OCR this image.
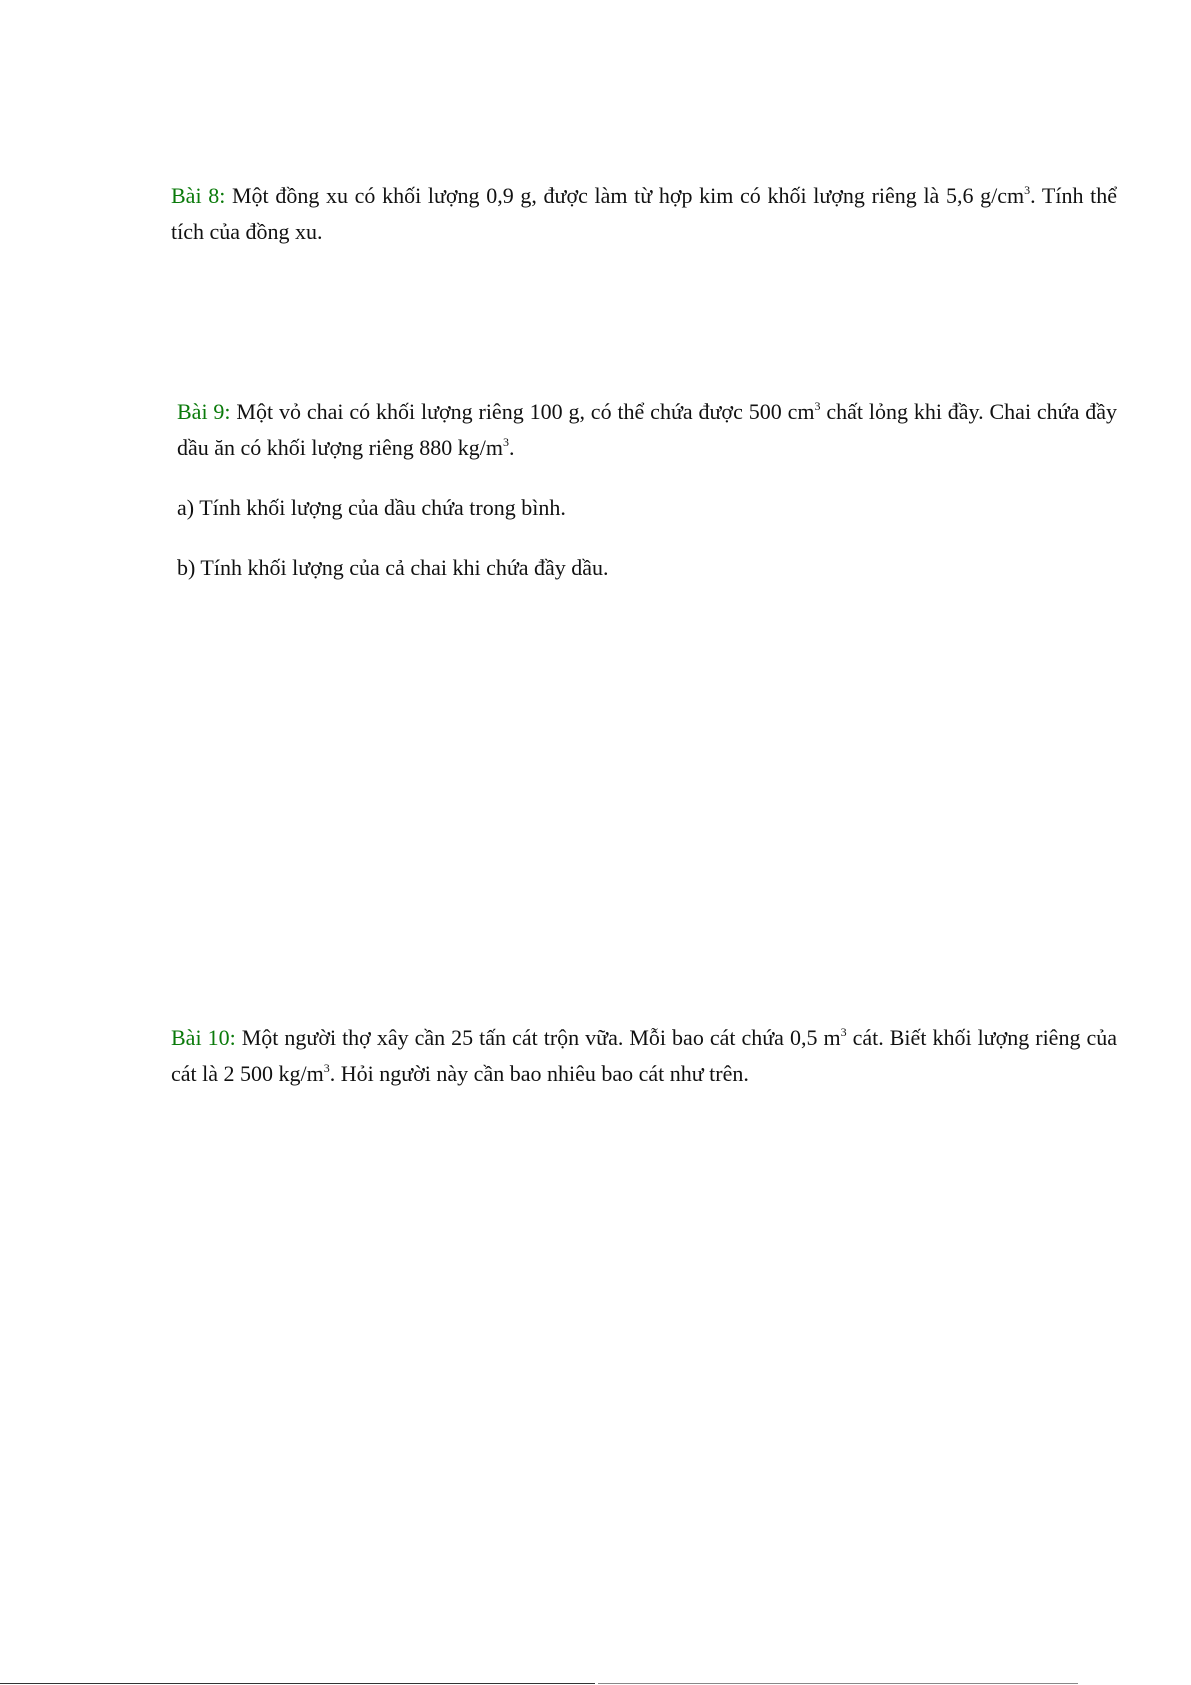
Bài 8: Một đồng xu có khối lượng 0,9 g, được làm từ hợp kim có khối lượng riêng là 5,6 $g/cm^3$. Tính thể tích của đồng xu.

Bài 9: Một vỏ chai có khối lượng riêng 100 g, có thể chứa được 500 $cm^3$ chất lỏng khi đầy. Chai chứa đầy dầu ăn có khối lượng riêng 880 $kg/m^3$.

a) Tính khối lượng của dầu chứa trong bình.

b) Tính khối lượng của cả chai khi chứa đầy dầu.

Bài 10: Một người thợ xây cần 25 tấn cát trộn vữa. Mỗi bao cát chứa 0,5 $m^3$ cát. Biết khối lượng riêng của cát là 2 500 $kg/m^3$. Hỏi người này cần bao nhiêu bao cát như trên.
